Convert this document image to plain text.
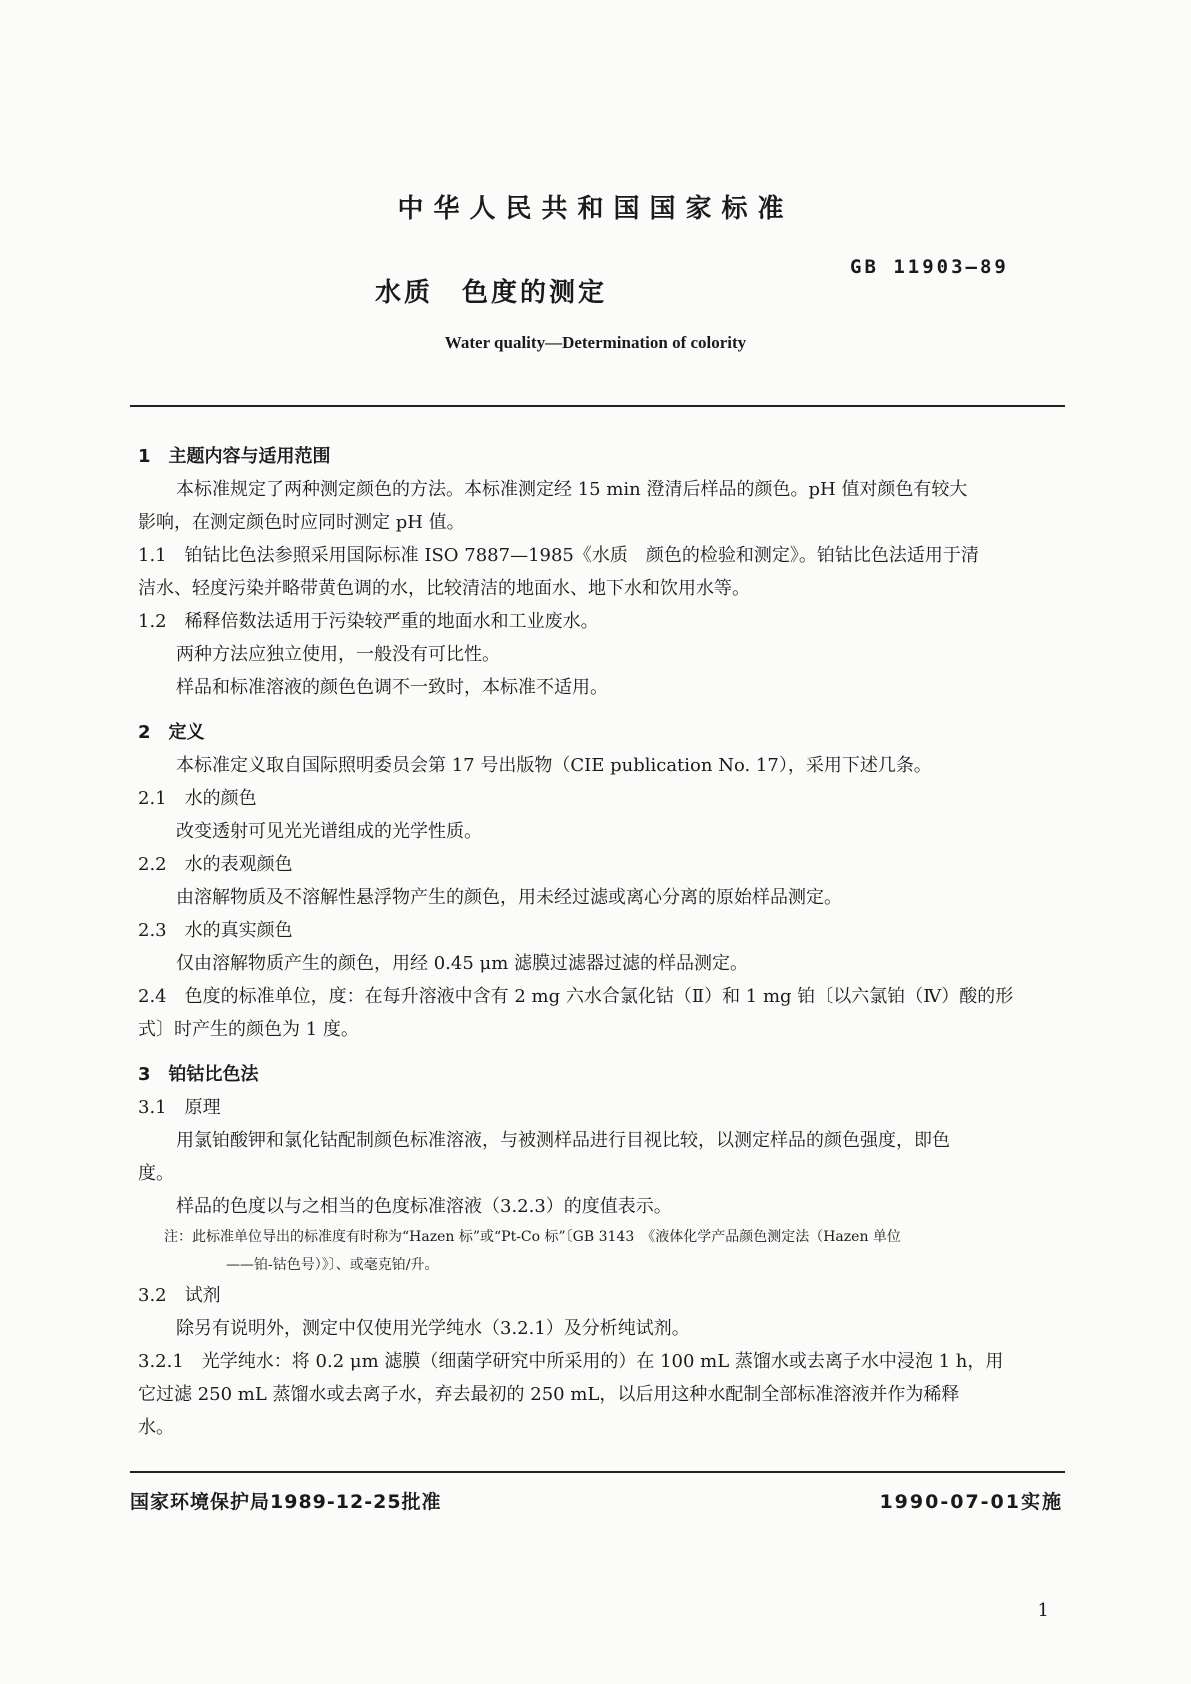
中华人民共和国国家标准
GB 11903—89
水质　色度的测定
Water quality—Determination of colority
1　主题内容与适用范围
本标准规定了两种测定颜色的方法。本标准测定经 15 min 澄清后样品的颜色。pH 值对颜色有较大
影响，在测定颜色时应同时测定 pH 值。
1.1　铂钴比色法参照采用国际标准 ISO 7887—1985《水质　颜色的检验和测定》。铂钴比色法适用于清
洁水、轻度污染并略带黄色调的水，比较清洁的地面水、地下水和饮用水等。
1.2　稀释倍数法适用于污染较严重的地面水和工业废水。
两种方法应独立使用，一般没有可比性。
样品和标准溶液的颜色色调不一致时，本标准不适用。
2　定义
本标准定义取自国际照明委员会第 17 号出版物（CIE publication No. 17），采用下述几条。
2.1　水的颜色
改变透射可见光光谱组成的光学性质。
2.2　水的表观颜色
由溶解物质及不溶解性悬浮物产生的颜色，用未经过滤或离心分离的原始样品测定。
2.3　水的真实颜色
仅由溶解物质产生的颜色，用经 0.45 μm 滤膜过滤器过滤的样品测定。
2.4　色度的标准单位，度：在每升溶液中含有 2 mg 六水合氯化钴（Ⅱ）和 1 mg 铂〔以六氯铂（Ⅳ）酸的形
式〕时产生的颜色为 1 度。
3　铂钴比色法
3.1　原理
用氯铂酸钾和氯化钴配制颜色标准溶液，与被测样品进行目视比较，以测定样品的颜色强度，即色
度。
样品的色度以与之相当的色度标准溶液（3.2.3）的度值表示。
注：此标准单位导出的标准度有时称为“Hazen 标”或“Pt-Co 标”〔GB 3143　《液体化学产品颜色测定法（Hazen 单位
——铂-钴色号）》〕、或毫克铂/升。
3.2　试剂
除另有说明外，测定中仅使用光学纯水（3.2.1）及分析纯试剂。
3.2.1　光学纯水：将 0.2 μm 滤膜（细菌学研究中所采用的）在 100 mL 蒸馏水或去离子水中浸泡 1 h，用
它过滤 250 mL 蒸馏水或去离子水，弃去最初的 250 mL，以后用这种水配制全部标准溶液并作为稀释
水。
国家环境保护局1989-12-25批准	1990-07-01实施
1
